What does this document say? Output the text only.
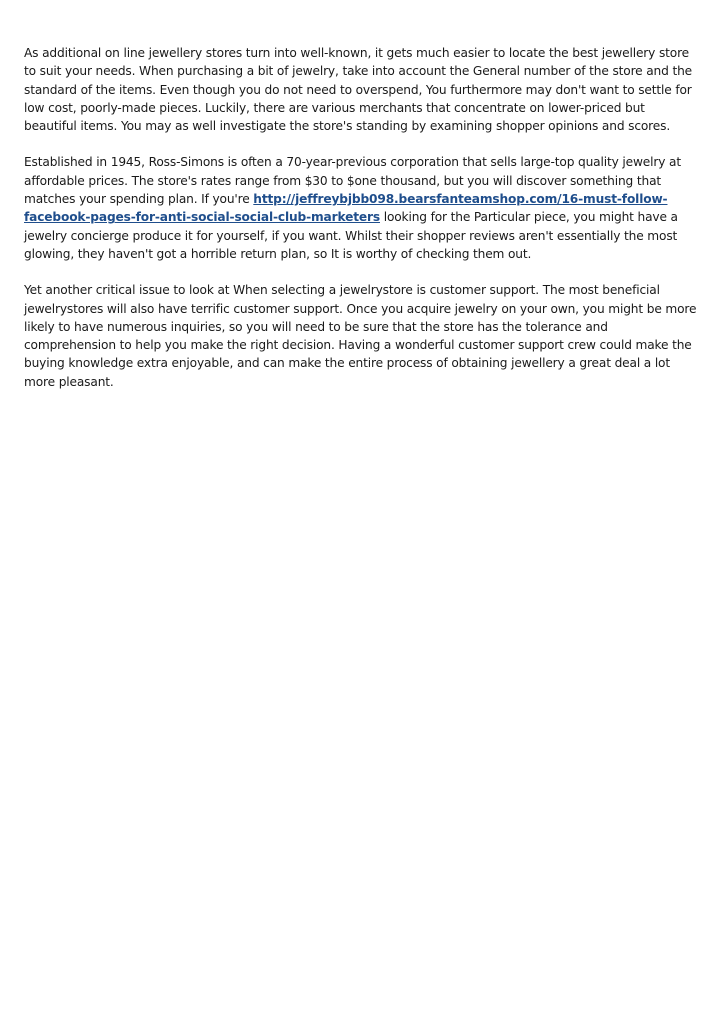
As additional on line jewellery stores turn into well-known, it gets much easier to locate the best jewellery store to suit your needs. When purchasing a bit of jewelry, take into account the General number of the store and the standard of the items. Even though you do not need to overspend, You furthermore may don't want to settle for low cost, poorly-made pieces. Luckily, there are various merchants that concentrate on lower-priced but beautiful items. You may as well investigate the store's standing by examining shopper opinions and scores.

Established in 1945, Ross-Simons is often a 70-year-previous corporation that sells large-top quality jewelry at affordable prices. The store's rates range from $30 to $one thousand, but you will discover something that matches your spending plan. If you're http://jeffreybjbb098.bearsfanteamshop.com/16-must-follow-facebook-pages-for-anti-social-social-club-marketers looking for the Particular piece, you might have a jewelry concierge produce it for yourself, if you want. Whilst their shopper reviews aren't essentially the most glowing, they haven't got a horrible return plan, so It is worthy of checking them out.

Yet another critical issue to look at When selecting a jewelrystore is customer support. The most beneficial jewelrystores will also have terrific customer support. Once you acquire jewelry on your own, you might be more likely to have numerous inquiries, so you will need to be sure that the store has the tolerance and comprehension to help you make the right decision. Having a wonderful customer support crew could make the buying knowledge extra enjoyable, and can make the entire process of obtaining jewellery a great deal a lot more pleasant.
